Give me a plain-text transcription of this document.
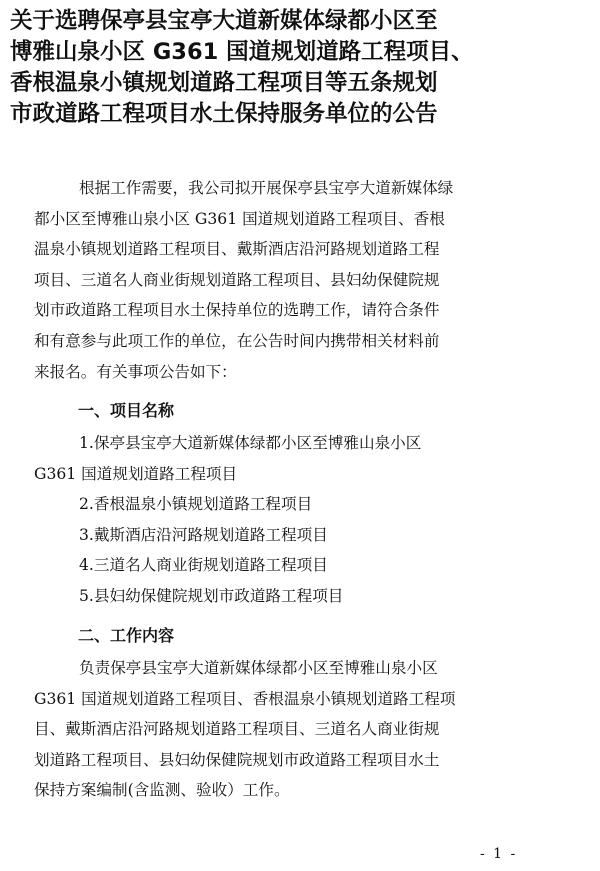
关于选聘保亭县宝亭大道新媒体绿都小区至
博雅山泉小区 G361 国道规划道路工程项目、
香根温泉小镇规划道路工程项目等五条规划
市政道路工程项目水土保持服务单位的公告
根据工作需要，我公司拟开展保亭县宝亭大道新媒体绿
都小区至博雅山泉小区 G361 国道规划道路工程项目、香根
温泉小镇规划道路工程项目、戴斯酒店沿河路规划道路工程
项目、三道名人商业街规划道路工程项目、县妇幼保健院规
划市政道路工程项目水土保持单位的选聘工作，请符合条件
和有意参与此项工作的单位，在公告时间内携带相关材料前
来报名。有关事项公告如下：
一、项目名称
1.保亭县宝亭大道新媒体绿都小区至博雅山泉小区
G361 国道规划道路工程项目
2.香根温泉小镇规划道路工程项目
3.戴斯酒店沿河路规划道路工程项目
4.三道名人商业街规划道路工程项目
5.县妇幼保健院规划市政道路工程项目
二、工作内容
负责保亭县宝亭大道新媒体绿都小区至博雅山泉小区
G361 国道规划道路工程项目、香根温泉小镇规划道路工程项
目、戴斯酒店沿河路规划道路工程项目、三道名人商业街规
划道路工程项目、县妇幼保健院规划市政道路工程项目水土
保持方案编制(含监测、验收）工作。
- 1 -
